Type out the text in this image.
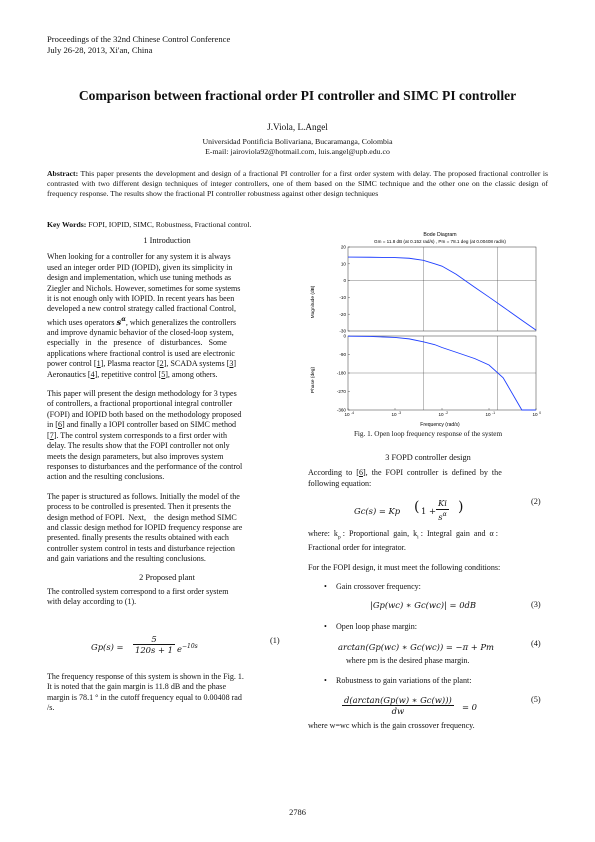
Proceedings of the 32nd Chinese Control Conference
July 26-28, 2013, Xi'an, China
Comparison between fractional order PI controller and SIMC PI controller
J.Viola, L.Angel
Universidad Pontificia Bolivariana, Bucaramanga, Colombia
E-mail: jairoviola92@hotmail.com, luis.angel@upb.edu.co
Abstract: This paper presents the development and design of a fractional PI controller for a first order system with delay. The proposed fractional controller is contrasted with two different design techniques of integer controllers, one of them based on the SIMC technique and the other one on the classic design of frequency response. The results show the fractional PI controller robustness against other design techniques
Key Words: FOPI, IOPID, SIMC, Robustness, Fractional control.
1 Introduction
When looking for a controller for any system it is always
used an integer order PID (IOPID), given its simplicity in
design and implementation, which use tuning methods as
Ziegler and Nichols. However, sometimes for some systems
it is not enough only with IOPID. In recent years has been
developed a new control strategy called fractional Control,
which uses operators $s^\alpha$, which generalizes the controllers
and improve dynamic behavior of the closed-loop system,
especially   in   the   presence   of   disturbances.   Some
applications where fractional control is used are electronic
power control [1], Plasma reactor [2], SCADA systems [3]
Aeronautics [4], repetitive control [5], among others.
This paper will present the design methodology for 3 types
of controllers, a fractional proportional integral controller
(FOPI) and IOPID both based on the methodology proposed
in [6] and finally a IOPI controller based on SIMC method
[7]. The control system corresponds to a first order with
delay. The results show that the FOPI controller not only
meets the design parameters, but also improves system
responses to disturbances and the performance of the control
action and the resulting conclusions.
The paper is structured as follows. Initially the model of the
process to be controlled is presented. Then it presents the
design method of FOPI.  Next,    the  design method SIMC
and classic design method for IOPID frequency response are
presented. finally presents the results obtained with each
controller system control in tests and disturbance rejection
and gain variations and the resulting conclusions.
2 Proposed plant
The controlled system correspond to a first order system
with delay according to (1).
$Gp(s) = \frac{5}{120s + 1} e^{-10s}$
(1)
The frequency response of this system is shown in the Fig. 1.
It is noted that the gain margin is 11.8 dB and the phase
margin is 78.1 ° in the cutoff frequency equal to 0.00408 rad
/s.
Bode Diagram
Gm = 11.8 dB (at 0.152 rad/s) , Pm = 78.1 deg (at 0.00408 rad/s)
20
10
0
-10
-20
-30
0
-90
-180
-270
-360
10 -4	10 -3	10 -2	10 -1	10 0
Magnitude (dB)
Phase (deg)
Frequency (rad/s)
Fig. 1. Open loop frequency response of the system
3 FOPD controller design
According  to  [6],  the  FOPI  controller  is  defined  by  the
following equation:
Gc(s) = Kp ( $1 + \frac{Ki}{s^\alpha}$ )	(2)
where:  $k_p$ :  Proportional  gain,  $k_i$ :  Integral  gain  and  α :
Fractional order for integrator.
For the FOPI design, it must meet the following conditions:
• Gain crossover frequency:
|Gp(wc) ∗ Gc(wc)| = 0dB	(3)
• Open loop phase margin:
arctan(Gp(wc) ∗ Gc(wc)) = −π + Pm	(4)
where pm is the desired phase margin.
• Robustness to gain variations of the plant:
$\frac{d(\arctan(Gp(w) ∗ Gc(w)))}{dw} = 0$
(5)
where w=wc which is the gain crossover frequency.
2786
